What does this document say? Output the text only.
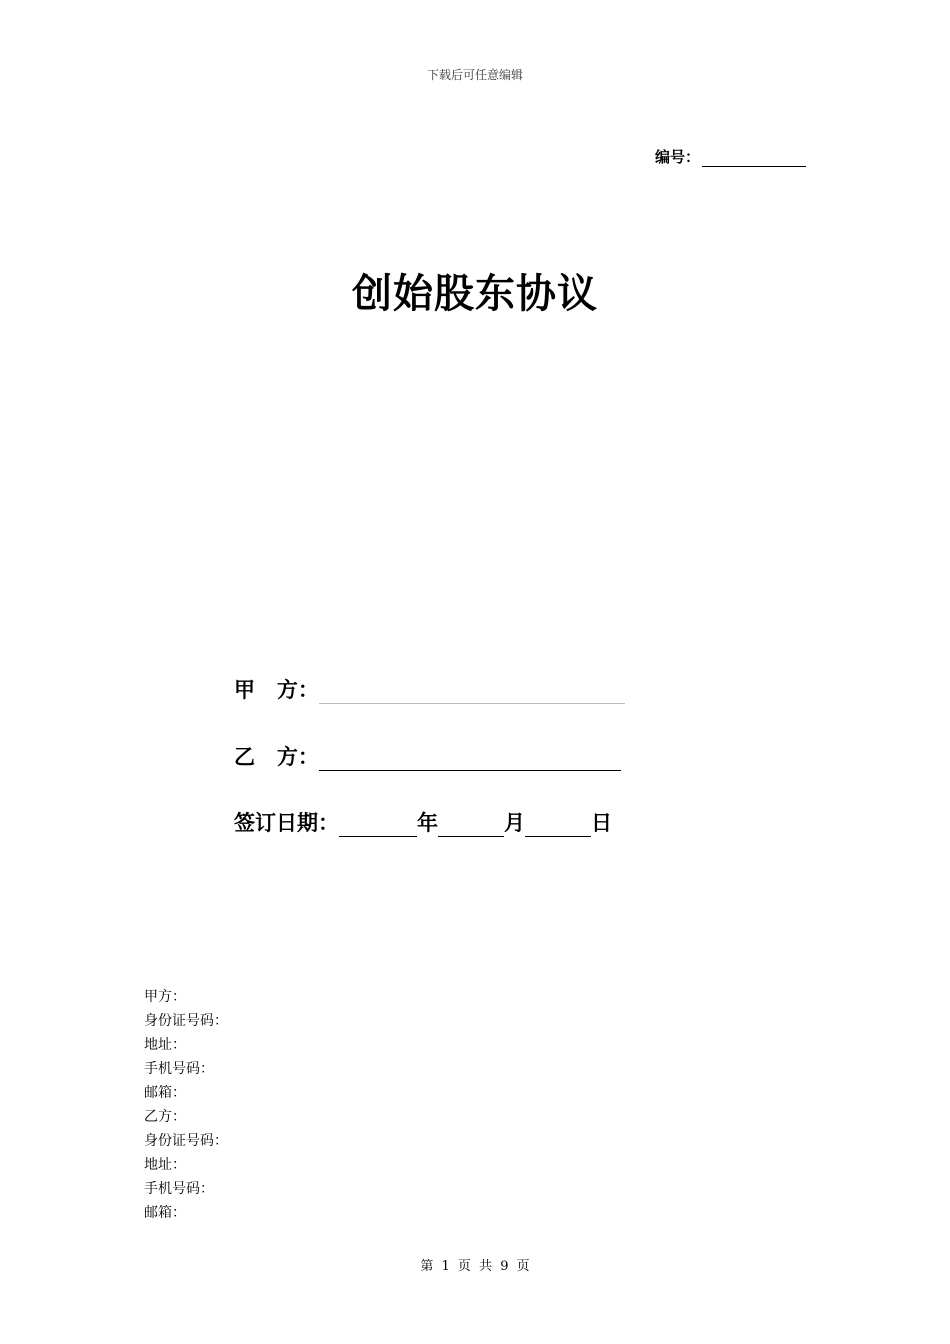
下载后可任意编辑
编号：
创始股东协议
甲   方：
乙   方：
签订日期：	年	月	日
甲方：
身份证号码：
地址：
手机号码：
邮箱：
乙方：
身份证号码：
地址：
手机号码：
邮箱：
第 1 页 共 9 页
